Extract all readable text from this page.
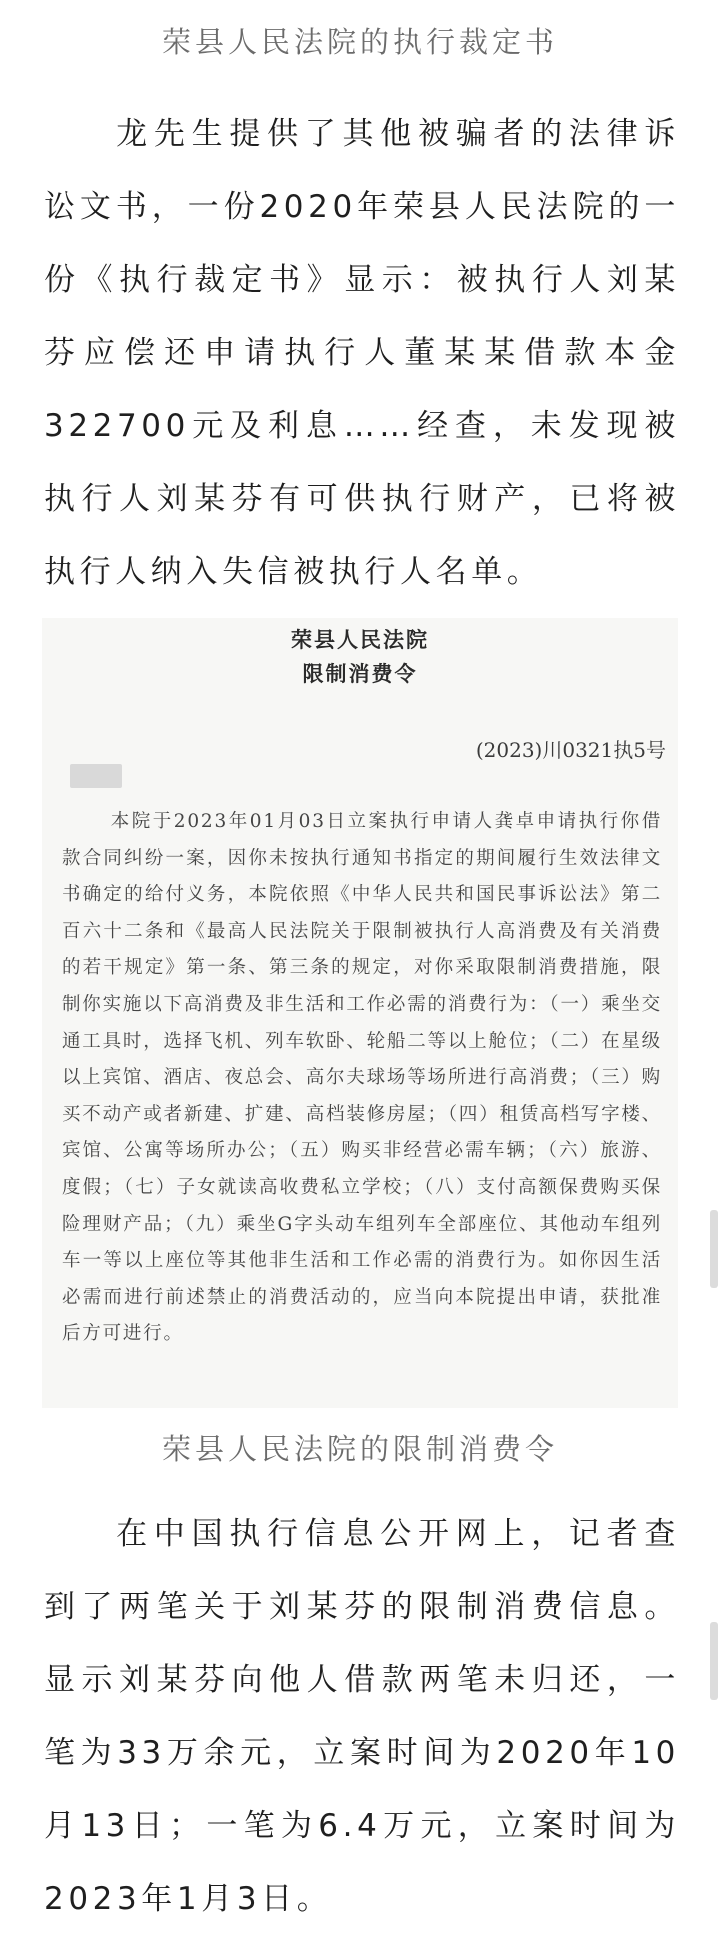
荣县人民法院的执行裁定书

龙先生提供了其他被骗者的法律诉讼文书，一份2020年荣县人民法院的一份《执行裁定书》显示：被执行人刘某芬应偿还申请执行人董某某借款本金322700元及利息……经查，未发现被执行人刘某芬有可供执行财产，已将被执行人纳入失信被执行人名单。

荣县人民法院
限制消费令
(2023)川0321执5号

本院于2023年01月03日立案执行申请人龚卓申请执行你借款合同纠纷一案，因你未按执行通知书指定的期间履行生效法律文书确定的给付义务，本院依照《中华人民共和国民事诉讼法》第二百六十二条和《最高人民法院关于限制被执行人高消费及有关消费的若干规定》第一条、第三条的规定，对你采取限制消费措施，限制你实施以下高消费及非生活和工作必需的消费行为：（一）乘坐交通工具时，选择飞机、列车软卧、轮船二等以上舱位；（二）在星级以上宾馆、酒店、夜总会、高尔夫球场等场所进行高消费；（三）购买不动产或者新建、扩建、高档装修房屋；（四）租赁高档写字楼、宾馆、公寓等场所办公；（五）购买非经营必需车辆；（六）旅游、度假；（七）子女就读高收费私立学校；（八）支付高额保费购买保险理财产品；（九）乘坐G字头动车组列车全部座位、其他动车组列车一等以上座位等其他非生活和工作必需的消费行为。如你因生活必需而进行前述禁止的消费活动的，应当向本院提出申请，获批准后方可进行。

荣县人民法院的限制消费令

在中国执行信息公开网上，记者查到了两笔关于刘某芬的限制消费信息。显示刘某芬向他人借款两笔未归还，一笔为33万余元，立案时间为2020年10月13日；一笔为6.4万元，立案时间为2023年1月3日。
